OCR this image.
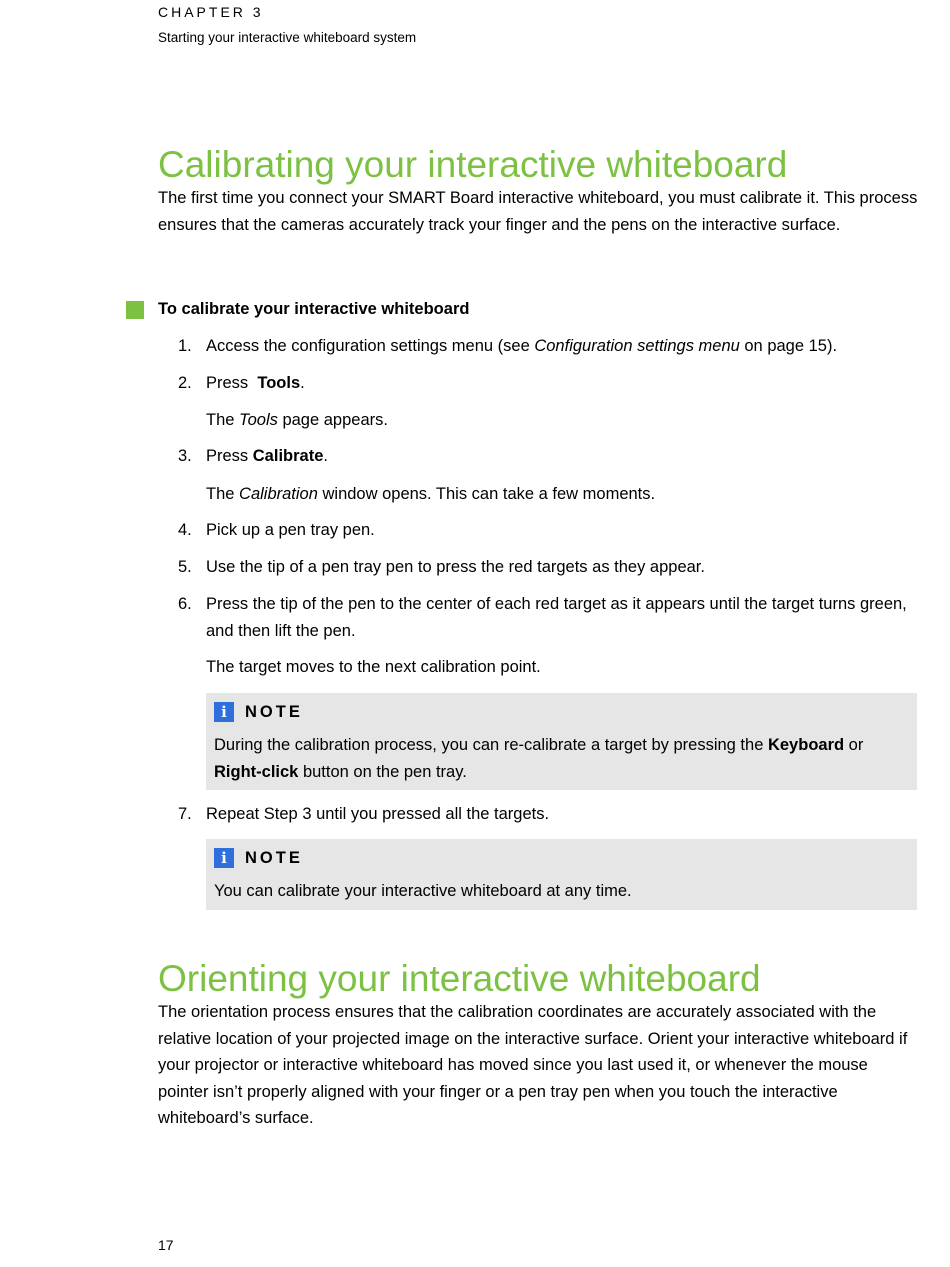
CHAPTER 3
Starting your interactive whiteboard system
Calibrating your interactive whiteboard

The first time you connect your SMART Board interactive whiteboard, you must calibrate it. This process ensures that the cameras accurately track your finger and the pens on the interactive surface.

To calibrate your interactive whiteboard
1. Access the configuration settings menu (see Configuration settings menu on page 15).
2. Press  Tools.
The Tools page appears.
3. Press Calibrate.
The Calibration window opens. This can take a few moments.
4. Pick up a pen tray pen.
5. Use the tip of a pen tray pen to press the red targets as they appear.
6. Press the tip of the pen to the center of each red target as it appears until the target turns green, and then lift the pen.
The target moves to the next calibration point.
i	NOTE
During the calibration process, you can re-calibrate a target by pressing the Keyboard or Right-click button on the pen tray.
7. Repeat Step 3 until you pressed all the targets.
i	NOTE
You can calibrate your interactive whiteboard at any time.
Orienting your interactive whiteboard

The orientation process ensures that the calibration coordinates are accurately associated with the relative location of your projected image on the interactive surface. Orient your interactive whiteboard if your projector or interactive whiteboard has moved since you last used it, or whenever the mouse pointer isn’t properly aligned with your finger or a pen tray pen when you touch the interactive whiteboard’s surface.

17
